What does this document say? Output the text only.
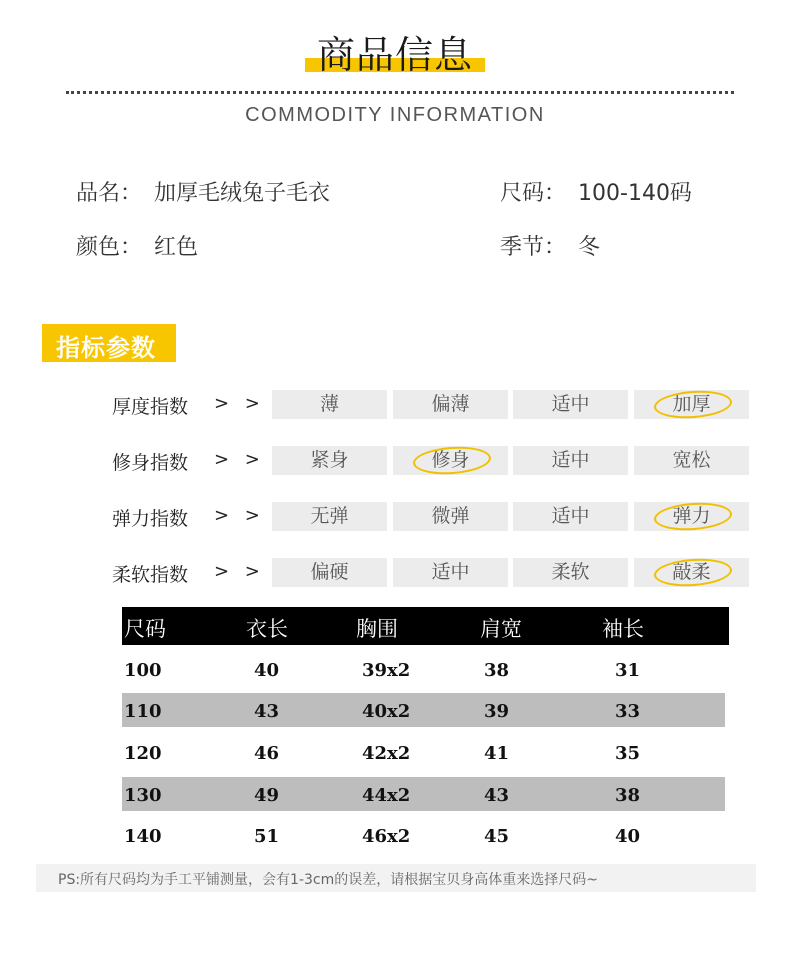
商品信息
COMMODITY INFORMATION
品名： 加厚毛绒兔子毛衣	尺码： 100-140码
颜色： 红色	季节： 冬
指标参数
厚度指数 > >	薄	偏薄	适中	加厚
修身指数 > >	紧身	修身	适中	宽松
弹力指数 > >	无弹	微弹	适中	弹力
柔软指数 > >	偏硬	适中	柔软	敲柔
尺码	衣长	胸围	肩宽	袖长
100	40	39x2	38	31
110	43	40x2	39	33
120	46	42x2	41	35
130	49	44x2	43	38
140	51	46x2	45	40
PS:所有尺码均为手工平铺测量，会有1-3cm的误差，请根据宝贝身高体重来选择尺码~
